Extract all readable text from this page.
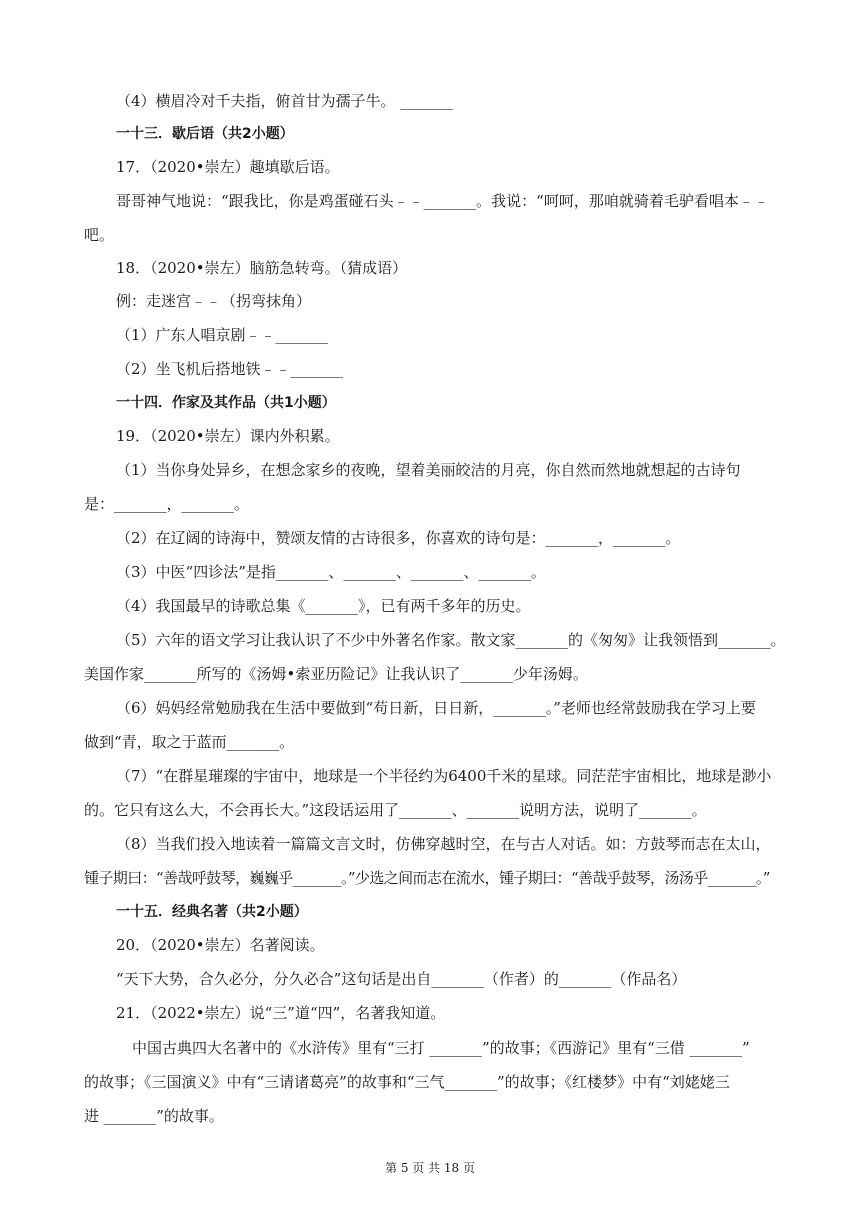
（4）横眉冷对千夫指，俯首甘为孺子牛。 _______
一十三．歇后语（共2小题）
17．（2020•崇左）趣填歇后语。
哥哥神气地说：“跟我比，你是鸡蛋碰石头﹣﹣_______。我说：“呵呵，那咱就骑着毛驴看唱本﹣﹣
吧。
18．（2020•崇左）脑筋急转弯。（猜成语）
例：走迷宫﹣﹣（拐弯抹角）
（1）广东人唱京剧﹣﹣_______
（2）坐飞机后搭地铁﹣﹣_______
一十四．作家及其作品（共1小题）
19．（2020•崇左）课内外积累。
（1）当你身处异乡，在想念家乡的夜晚，望着美丽皎洁的月亮，你自然而然地就想起的古诗句
是：_______，_______。
（2）在辽阔的诗海中，赞颂友情的古诗很多，你喜欢的诗句是：_______，_______。
（3）中医“四诊法”是指_______、_______、_______、_______。
（4）我国最早的诗歌总集《_______》，已有两千多年的历史。
（5）六年的语文学习让我认识了不少中外著名作家。散文家_______的《匆匆》让我领悟到_______。
美国作家_______所写的《汤姆•索亚历险记》让我认识了_______少年汤姆。
（6）妈妈经常勉励我在生活中要做到“苟日新，日日新，_______。”老师也经常鼓励我在学习上要
做到“青，取之于蓝而_______。
（7）“在群星璀璨的宇宙中，地球是一个半径约为6400千米的星球。同茫茫宇宙相比，地球是渺小
的。它只有这么大，不会再长大。”这段话运用了_______、_______说明方法，说明了_______。
（8）当我们投入地读着一篇篇文言文时，仿佛穿越时空，在与古人对话。如：方鼓琴而志在太山，
锺子期曰：“善哉呼鼓琴，巍巍乎_______。”少选之间而志在流水，锺子期曰：“善哉乎鼓琴，汤汤乎_______。”
一十五．经典名著（共2小题）
20．（2020•崇左）名著阅读。
“天下大势，合久必分，分久必合”这句话是出自_______（作者）的_______（作品名）
21．（2022•崇左）说“三”道“四”，名著我知道。
中国古典四大名著中的《水浒传》里有“三打 _______”的故事；《西游记》里有“三借 _______”
的故事；《三国演义》中有“三请诸葛亮”的故事和“三气_______”的故事；《红楼梦》中有“刘姥姥三
进 _______”的故事。
第 5 页 共 18 页
